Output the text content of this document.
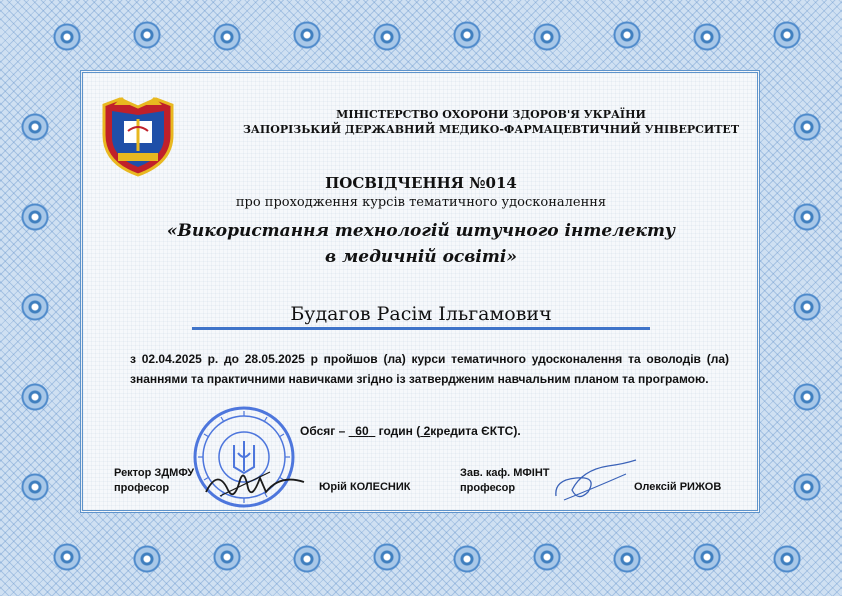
МІНІСТЕРСТВО ОХОРОНИ ЗДОРОВ'Я УКРАЇНИ
ЗАПОРІЗЬКИЙ ДЕРЖАВНИЙ МЕДИКО-ФАРМАЦЕВТИЧНИЙ УНІВЕРСИТЕТ
ПОСВІДЧЕННЯ №014
про проходження курсів тематичного удосконалення
«Використання технологій штучного інтелекту
в медичній освіті»
Будагов Расім Ільгамович
з 02.04.2025 р. до 28.05.2025 р пройшов (ла) курси тематичного удосконалення та оволодів (ла) знаннями та практичними навичками згідно із затвердженим навчальним планом та програмою.
Обсяг – 60 годин ( 2кредита ЄКТС).
Ректор ЗДМФУ
професор	Юрій КОЛЕСНИК
Зав. каф. МФІНТ
професор	Олексій РИЖОВ
